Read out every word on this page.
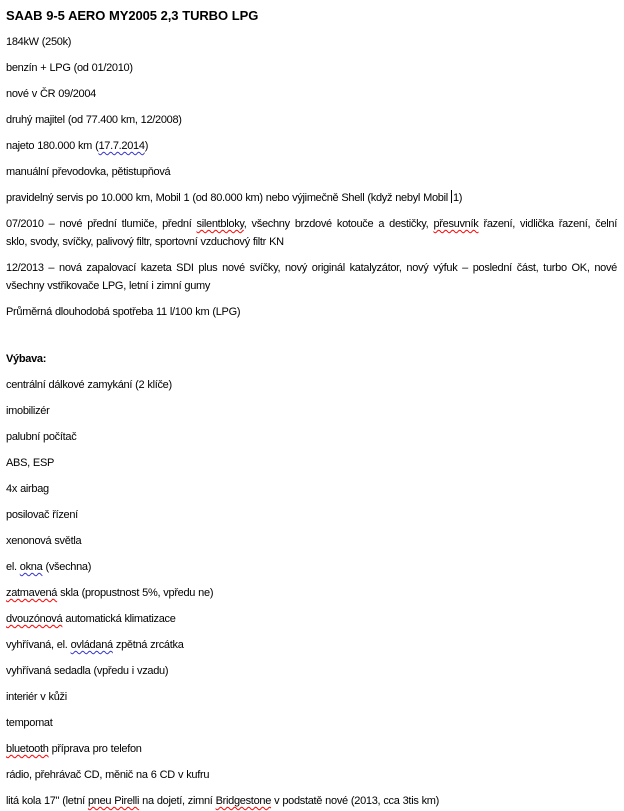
SAAB 9-5 AERO MY2005 2,3 TURBO LPG
184kW (250k)
benzín + LPG (od 01/2010)
nové v ČR 09/2004
druhý majitel (od 77.400 km, 12/2008)
najeto 180.000 km (17.7.2014)
manuální převodovka, pětistupňová
pravidelný servis po 10.000 km, Mobil 1 (od 80.000 km) nebo výjimečně Shell (když nebyl Mobil 1)
07/2010 – nové přední tlumiče, přední silentbloky, všechny brzdové kotouče a destičky, přesuvník řazení, vidlička řazení, čelní
sklo, svody, svíčky, palivový filtr, sportovní vzduchový filtr KN
12/2013 – nová zapalovací kazeta SDI plus nové svíčky, nový originál katalyzátor, nový výfuk – poslední část, turbo OK, nové
všechny vstřikovače LPG, letní i zimní gumy
Průměrná dlouhodobá spotřeba 11 l/100 km (LPG)
Výbava:
centrální dálkové zamykání (2 klíče)
imobilizér
palubní počítač
ABS, ESP
4x airbag
posilovač řízení
xenonová světla
el. okna (všechna)
zatmavená skla (propustnost 5%, vpředu ne)
dvouzónová automatická klimatizace
vyhřívaná, el. ovládaná zpětná zrcátka
vyhřívaná sedadla (vpředu i vzadu)
interiér v kůži
tempomat
bluetooth příprava pro telefon
rádio, přehrávač CD, měnič na 6 CD v kufru
litá kola 17" (letní pneu Pirelli na dojetí, zimní Bridgestone v podstatě nové (2013, cca 3tis km)
